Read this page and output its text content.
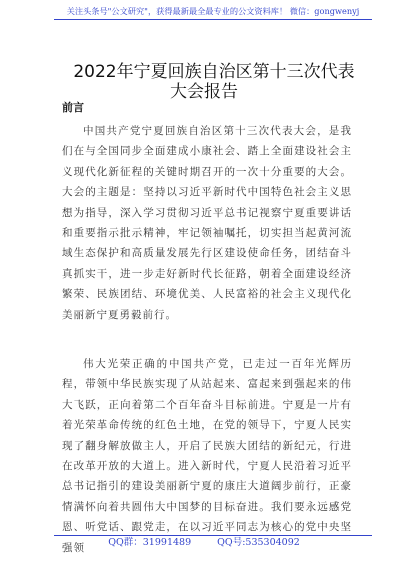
关注头条号"公文研究"，获得最新最全最专业的公文资料库！ 微信：gongwenyj
2022年宁夏回族自治区第十三次代表
大会报告
前言

中国共产党宁夏回族自治区第十三次代表大会，是我们在与全国同步全面建成小康社会、踏上全面建设社会主义现代化新征程的关键时期召开的一次十分重要的大会。大会的主题是：坚持以习近平新时代中国特色社会主义思想为指导，深入学习贯彻习近平总书记视察宁夏重要讲话和重要指示批示精神，牢记领袖嘱托，切实担当起黄河流域生态保护和高质量发展先行区建设使命任务，团结奋斗真抓实干，进一步走好新时代长征路，朝着全面建设经济繁荣、民族团结、环境优美、人民富裕的社会主义现代化美丽新宁夏勇毅前行。

伟大光荣正确的中国共产党，已走过一百年光辉历程，带领中华民族实现了从站起来、富起来到强起来的伟大飞跃，正向着第二个百年奋斗目标前进。宁夏是一片有着光荣革命传统的红色土地，在党的领导下，宁夏人民实现了翻身解放做主人，开启了民族大团结的新纪元，行进在改革开放的大道上。进入新时代，宁夏人民沿着习近平总书记指引的建设美丽新宁夏的康庄大道阔步前行，正豪情满怀向着共圆伟大中国梦的目标奋进。我们要永远感党恩、听党话、跟党走，在以习近平同志为核心的党中央坚强领	QQ群：31991489	QQ号:535304092
